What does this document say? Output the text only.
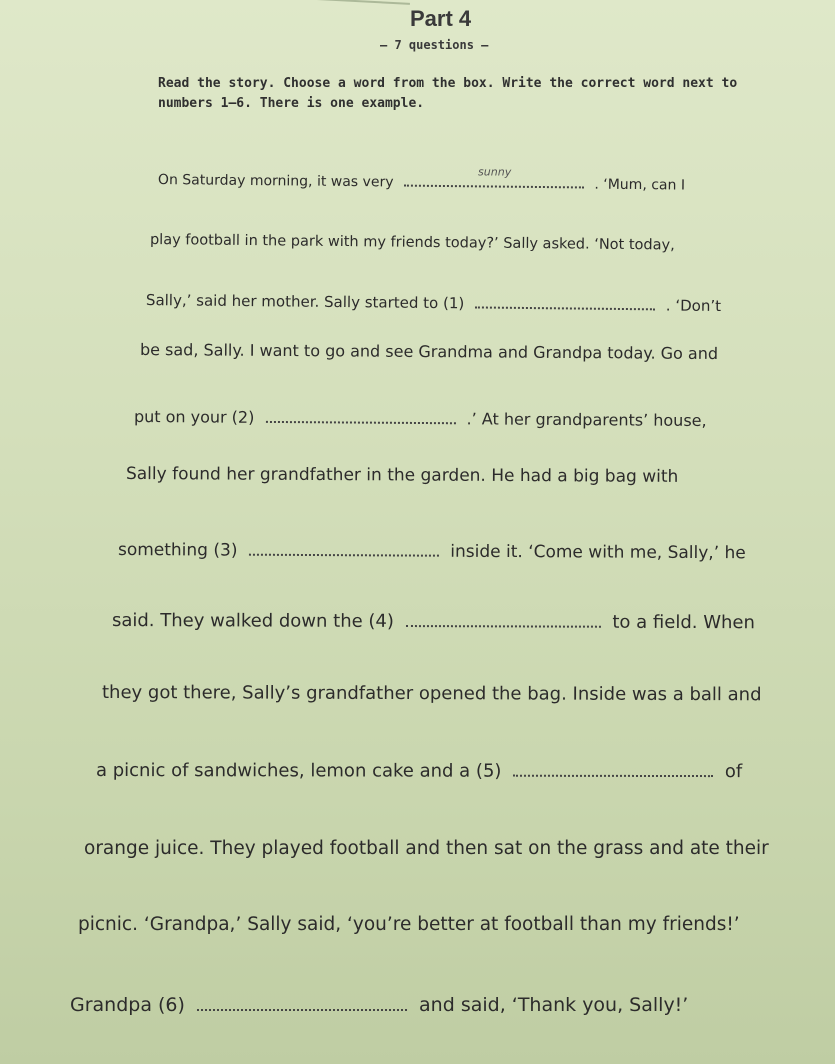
Part 4
– 7 questions –
Read the story. Choose a word from the box. Write the correct word next to numbers 1–6. There is one example.
On Saturday morning, it was very	sunny
. ‘Mum, can I
play football in the park with my friends today?’ Sally asked. ‘Not today,
Sally,’ said her mother. Sally started to (1)	. ‘Don’t
be sad, Sally. I want to go and see Grandma and Grandpa today. Go and
put on your (2)	.’ At her grandparents’ house,
Sally found her grandfather in the garden. He had a big bag with
something (3)	inside it. ‘Come with me, Sally,’ he
said. They walked down the (4)	to a field. When
they got there, Sally’s grandfather opened the bag. Inside was a ball and
a picnic of sandwiches, lemon cake and a (5)	of
orange juice. They played football and then sat on the grass and ate their
picnic. ‘Grandpa,’ Sally said, ‘you’re better at football than my friends!’
Grandpa (6)	and said, ‘Thank you, Sally!’
